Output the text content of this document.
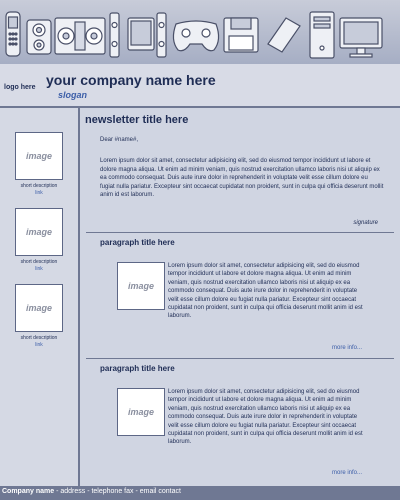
logo here your company name here
slogan
image
short description
link
image
short description
link
image
short description
link
newsletter title here
Dear #name#,
Lorem ipsum dolor sit amet, consectetur adipisicing elit, sed do eiusmod tempor incididunt ut labore et dolore magna aliqua. Ut enim ad minim veniam, quis nostrud exercitation ullamco laboris nisi ut aliquip ex ea commodo consequat. Duis aute irure dolor in reprehenderit in voluptate velit esse cillum dolore eu fugiat nulla pariatur. Excepteur sint occaecat cupidatat non proident, sunt in culpa qui officia deserunt mollit anim id est laborum.
signature
paragraph title here
image
Lorem ipsum dolor sit amet, consectetur adipisicing elit, sed do eiusmod tempor incididunt ut labore et dolore magna aliqua. Ut enim ad minim veniam, quis nostrud exercitation ullamco laboris nisi ut aliquip ex ea commodo consequat. Duis aute irure dolor in reprehenderit in voluptate velit esse cillum dolore eu fugiat nulla pariatur. Excepteur sint occaecat cupidatat non proident, sunt in culpa qui officia deserunt mollit anim id est laborum.
more info...
paragraph title here
image
Lorem ipsum dolor sit amet, consectetur adipisicing elit, sed do eiusmod tempor incididunt ut labore et dolore magna aliqua. Ut enim ad minim veniam, quis nostrud exercitation ullamco laboris nisi ut aliquip ex ea commodo consequat. Duis aute irure dolor in reprehenderit in voluptate velit esse cillum dolore eu fugiat nulla pariatur. Excepteur sint occaecat cupidatat non proident, sunt in culpa qui officia deserunt mollit anim id est laborum.
more info...
Company name - address - telephone fax - email contact
